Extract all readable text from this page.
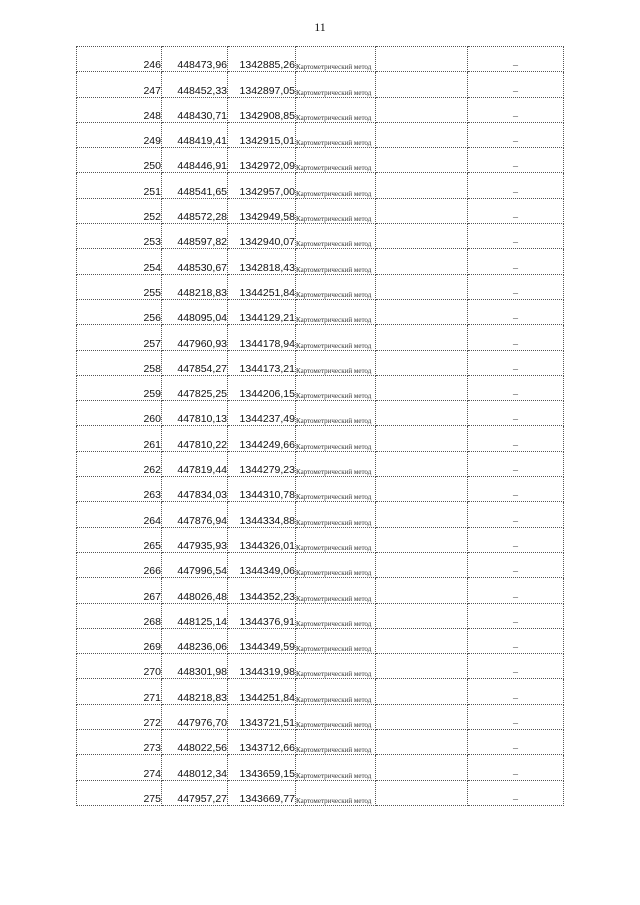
11
246	448473,96	1342885,26	Картометрический метод		–
247	448452,33	1342897,05	Картометрический метод		–
248	448430,71	1342908,85	Картометрический метод		–
249	448419,41	1342915,01	Картометрический метод		–
250	448446,91	1342972,09	Картометрический метод		–
251	448541,65	1342957,00	Картометрический метод		–
252	448572,28	1342949,58	Картометрический метод		–
253	448597,82	1342940,07	Картометрический метод		–
254	448530,67	1342818,43	Картометрический метод		–
255	448218,83	1344251,84	Картометрический метод		–
256	448095,04	1344129,21	Картометрический метод		–
257	447960,93	1344178,94	Картометрический метод		–
258	447854,27	1344173,21	Картометрический метод		–
259	447825,25	1344206,15	Картометрический метод		–
260	447810,13	1344237,49	Картометрический метод		–
261	447810,22	1344249,66	Картометрический метод		–
262	447819,44	1344279,23	Картометрический метод		–
263	447834,03	1344310,78	Картометрический метод		–
264	447876,94	1344334,88	Картометрический метод		–
265	447935,93	1344326,01	Картометрический метод		–
266	447996,54	1344349,06	Картометрический метод		–
267	448026,48	1344352,23	Картометрический метод		–
268	448125,14	1344376,91	Картометрический метод		–
269	448236,06	1344349,59	Картометрический метод		–
270	448301,98	1344319,98	Картометрический метод		–
271	448218,83	1344251,84	Картометрический метод		–
272	447976,70	1343721,51	Картометрический метод		–
273	448022,56	1343712,66	Картометрический метод		–
274	448012,34	1343659,15	Картометрический метод		–
275	447957,27	1343669,77	Картометрический метод		–
